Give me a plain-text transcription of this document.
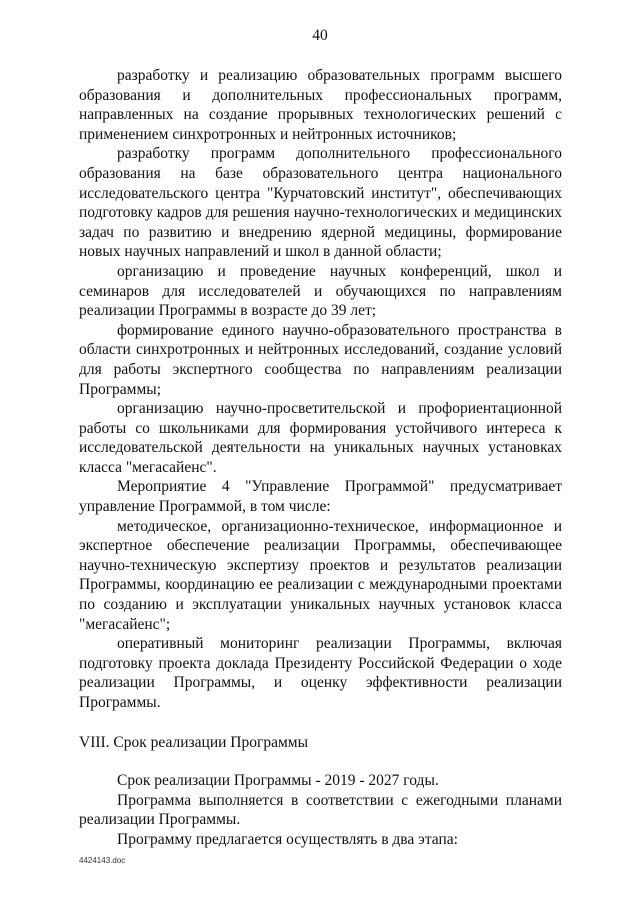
40

разработку и реализацию образовательных программ высшего образования и дополнительных профессиональных программ, направленных на создание прорывных технологических решений с применением синхротронных и нейтронных источников;

разработку программ дополнительного профессионального образования на базе образовательного центра национального исследовательского центра "Курчатовский институт", обеспечивающих подготовку кадров для решения научно-технологических и медицинских задач по развитию и внедрению ядерной медицины, формирование новых научных направлений и школ в данной области;

организацию и проведение научных конференций, школ и семинаров для исследователей и обучающихся по направлениям реализации Программы в возрасте до 39 лет;

формирование единого научно-образовательного пространства в области синхротронных и нейтронных исследований, создание условий для работы экспертного сообщества по направлениям реализации Программы;

организацию научно-просветительской и профориентационной работы со школьниками для формирования устойчивого интереса к исследовательской деятельности на уникальных научных установках класса "мегасайенс".

Мероприятие 4 "Управление Программой" предусматривает управление Программой, в том числе:

методическое, организационно-техническое, информационное и экспертное обеспечение реализации Программы, обеспечивающее научно-техническую экспертизу проектов и результатов реализации Программы, координацию ее реализации с международными проектами по созданию и эксплуатации уникальных научных установок класса "мегасайенс";

оперативный мониторинг реализации Программы, включая подготовку проекта доклада Президенту Российской Федерации о ходе реализации Программы, и оценку эффективности реализации Программы.

VIII. Срок реализации Программы

Срок реализации Программы - 2019 - 2027 годы.

Программа выполняется в соответствии с ежегодными планами реализации Программы.

Программу предлагается осуществлять в два этапа:

4424143.doc
